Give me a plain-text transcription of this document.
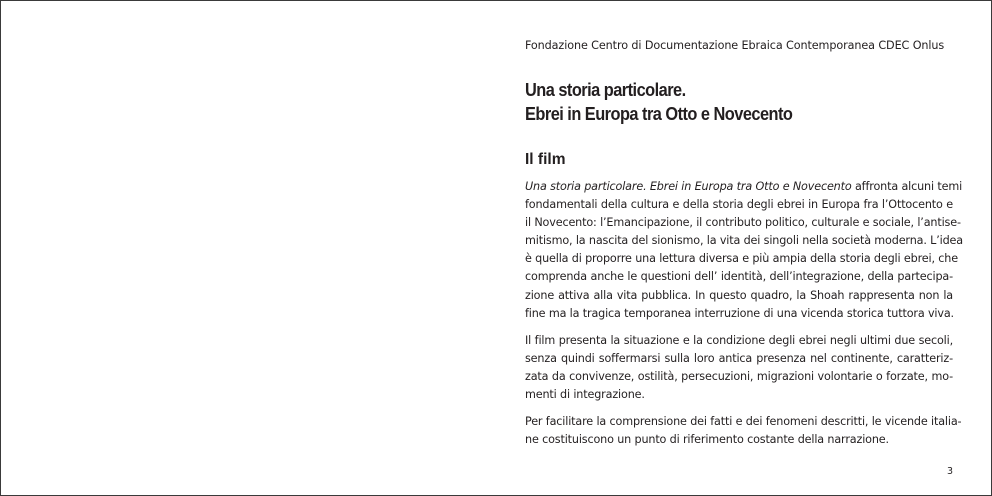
Fondazione Centro di Documentazione Ebraica Contemporanea CDEC Onlus
Una storia particolare.
Ebrei in Europa tra Otto e Novecento
Il film

Una storia particolare. Ebrei in Europa tra Otto e Novecento affronta alcuni temi
fondamentali della cultura e della storia degli ebrei in Europa fra l’Ottocento e
il Novecento: l’Emancipazione, il contributo politico, culturale e sociale, l’antise-
mitismo, la nascita del sionismo, la vita dei singoli nella società moderna. L’idea
è quella di proporre una lettura diversa e più ampia della storia degli ebrei, che
comprenda anche le questioni dell’ identità, dell’integrazione, della partecipa-
zione attiva alla vita pubblica. In questo quadro, la Shoah rappresenta non la
fine ma la tragica temporanea interruzione di una vicenda storica tuttora viva.

Il film presenta la situazione e la condizione degli ebrei negli ultimi due secoli,
senza quindi soffermarsi sulla loro antica presenza nel continente, caratteriz-
zata da convivenze, ostilità, persecuzioni, migrazioni volontarie o forzate, mo-
menti di integrazione.

Per facilitare la comprensione dei fatti e dei fenomeni descritti, le vicende italia-
ne costituiscono un punto di riferimento costante della narrazione.

3
